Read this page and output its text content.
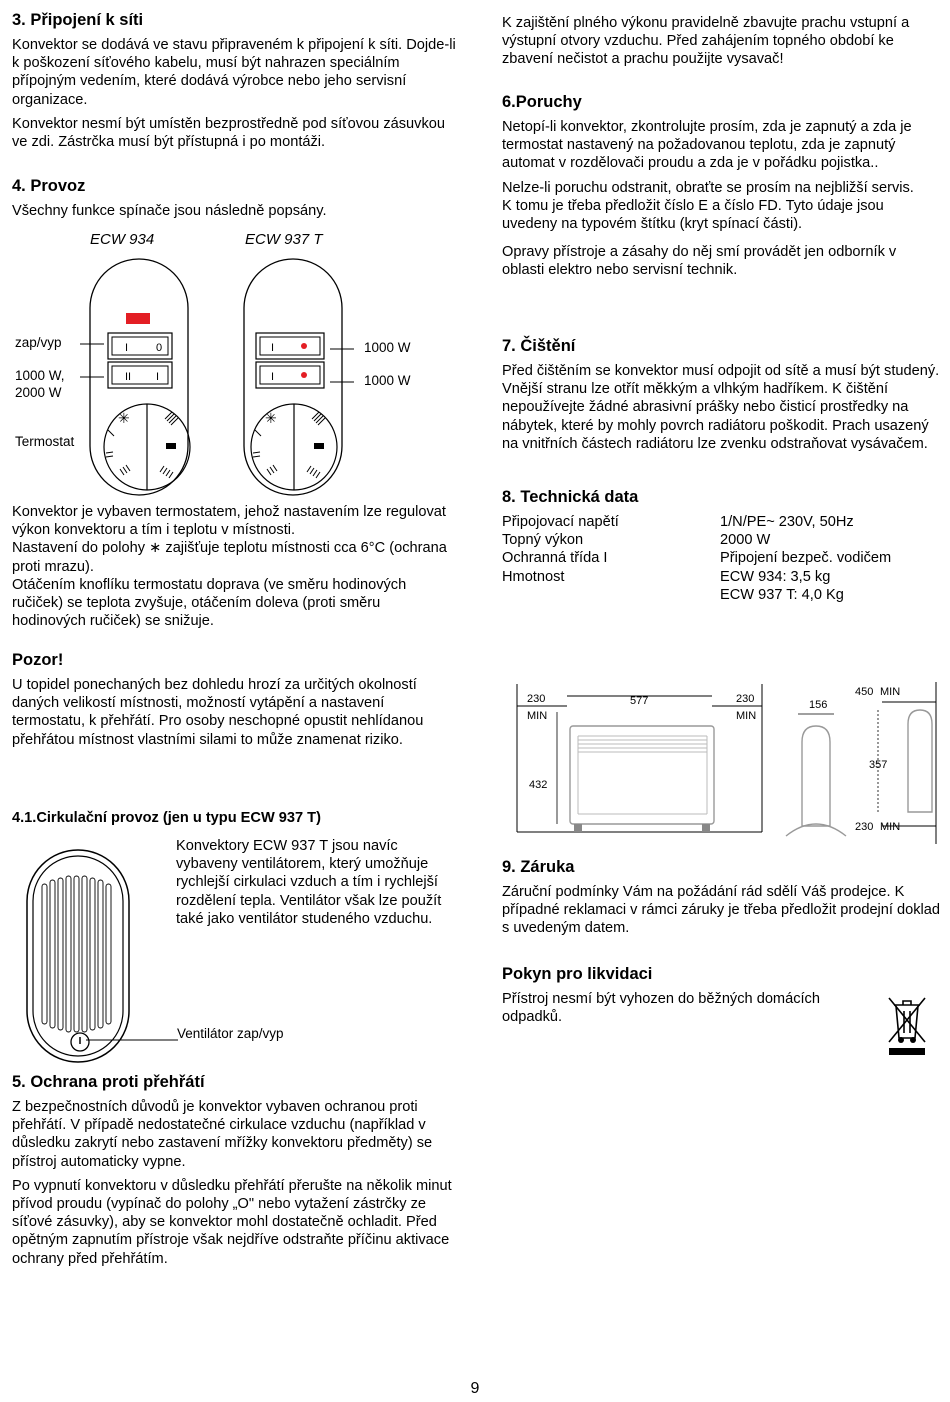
3. Připojení k síti

Konvektor se dodává ve stavu připraveném k připojení k síti. Dojde-li k poškození síťového kabelu, musí být nahrazen speciálním přípojným vedením, které dodává výrobce nebo jeho servisní organizace.

Konvektor nesmí být umístěn bezprostředně pod síťovou zásuvkou ve zdi. Zástrčka musí být přístupná i po montáži.

4. Provoz

Všechny funkce spínače jsou následně popsány.

ECW 934	ECW 937 T
I	0
II I
✳
I
I
✳
zap/vyp
1000 W,
2000 W
Termostat
1000 W
1000 W

Konvektor je vybaven termostatem, jehož nastavením lze regulovat výkon konvektoru a tím i teplotu v místnosti.

Nastavení do polohy ∗ zajišťuje teplotu místnosti cca 6°C (ochrana proti mrazu).

Otáčením knoflíku termostatu doprava (ve směru hodinových ručiček) se teplota zvyšuje, otáčením doleva (proti směru hodinových ručiček) se snižuje.

Pozor!

U topidel ponechaných bez dohledu hrozí za určitých okolností daných velikostí místnosti, možností vytápění a nastavení termostatu, k přehřátí. Pro osoby neschopné opustit nehlídanou přehřátou místnost vlastními silami to může znamenat riziko.

4.1.Cirkulační provoz (jen u typu ECW 937 T)

Konvektory ECW 937 T jsou navíc vybaveny ventilátorem, který umožňuje rychlejší cirkulaci vzduch a tím i rychlejší rozdělení tepla. Ventilátor však lze použít také jako ventilátor studeného vzduchu.

Ventilátor zap/vyp
5. Ochrana proti přehřátí

Z bezpečnostních důvodů je konvektor vybaven ochranou proti přehřátí. V případě nedostatečné cirkulace vzduchu (například v důsledku zakrytí nebo zastavení mřížky konvektoru předměty) se přístroj automaticky vypne.

Po vypnutí konvektoru v důsledku přehřátí přerušte na několik minut přívod proudu (vypínač do polohy „O" nebo vytažení zástrčky ze síťové zásuvky), aby se konvektor mohl dostatečně ochladit. Před opětným zapnutím přístroje však nejdříve odstraňte příčinu aktivace ochrany před přehřátím.

K zajištění plného výkonu pravidelně zbavujte prachu vstupní a výstupní otvory vzduchu. Před zahájením topného období ke zbavení nečistot a prachu použijte vysavač!

6.Poruchy

Netopí-li konvektor, zkontrolujte prosím, zda je zapnutý a zda je termostat nastavený na požadovanou teplotu, zda je zapnutý automat v rozdělovači proudu a zda je v pořádku pojistka..

Nelze-li poruchu odstranit, obraťte se prosím na nejbližší servis.

K tomu je třeba předložit číslo E a číslo FD. Tyto údaje jsou uvedeny na typovém štítku (kryt spínací části).

Opravy přístroje a zásahy do něj smí provádět jen odborník v oblasti elektro nebo servisní technik.

7. Čištění

Před čištěním se konvektor musí odpojit od sítě a musí být studený. Vnější stranu lze otřít měkkým a vlhkým hadříkem. K čištění nepoužívejte žádné abrasivní prášky nebo čisticí prostředky na nábytek, které by mohly povrch radiátoru poškodit. Prach usazený na vnitřních částech radiátoru lze zvenku odstraňovat vysávačem.

8. Technická data
Připojovací napětí	1/N/PE~ 230V, 50Hz
Topný výkon	2000 W
Ochranná třída I	Připojení bezpeč. vodičem
Hmotnost	ECW 934: 3,5 kg
	ECW 937 T: 4,0 Kg
230
MIN
577	230
MIN
432
156
450 MIN
357
230 MIN
9. Záruka

Záruční podmínky Vám na požádání rád sdělí Váš prodejce. K případné reklamaci v rámci záruky je třeba předložit prodejní doklad s uvedeným datem.

Pokyn pro likvidaci

Přístroj nesmí být vyhozen do běžných domácích odpadků.

9
